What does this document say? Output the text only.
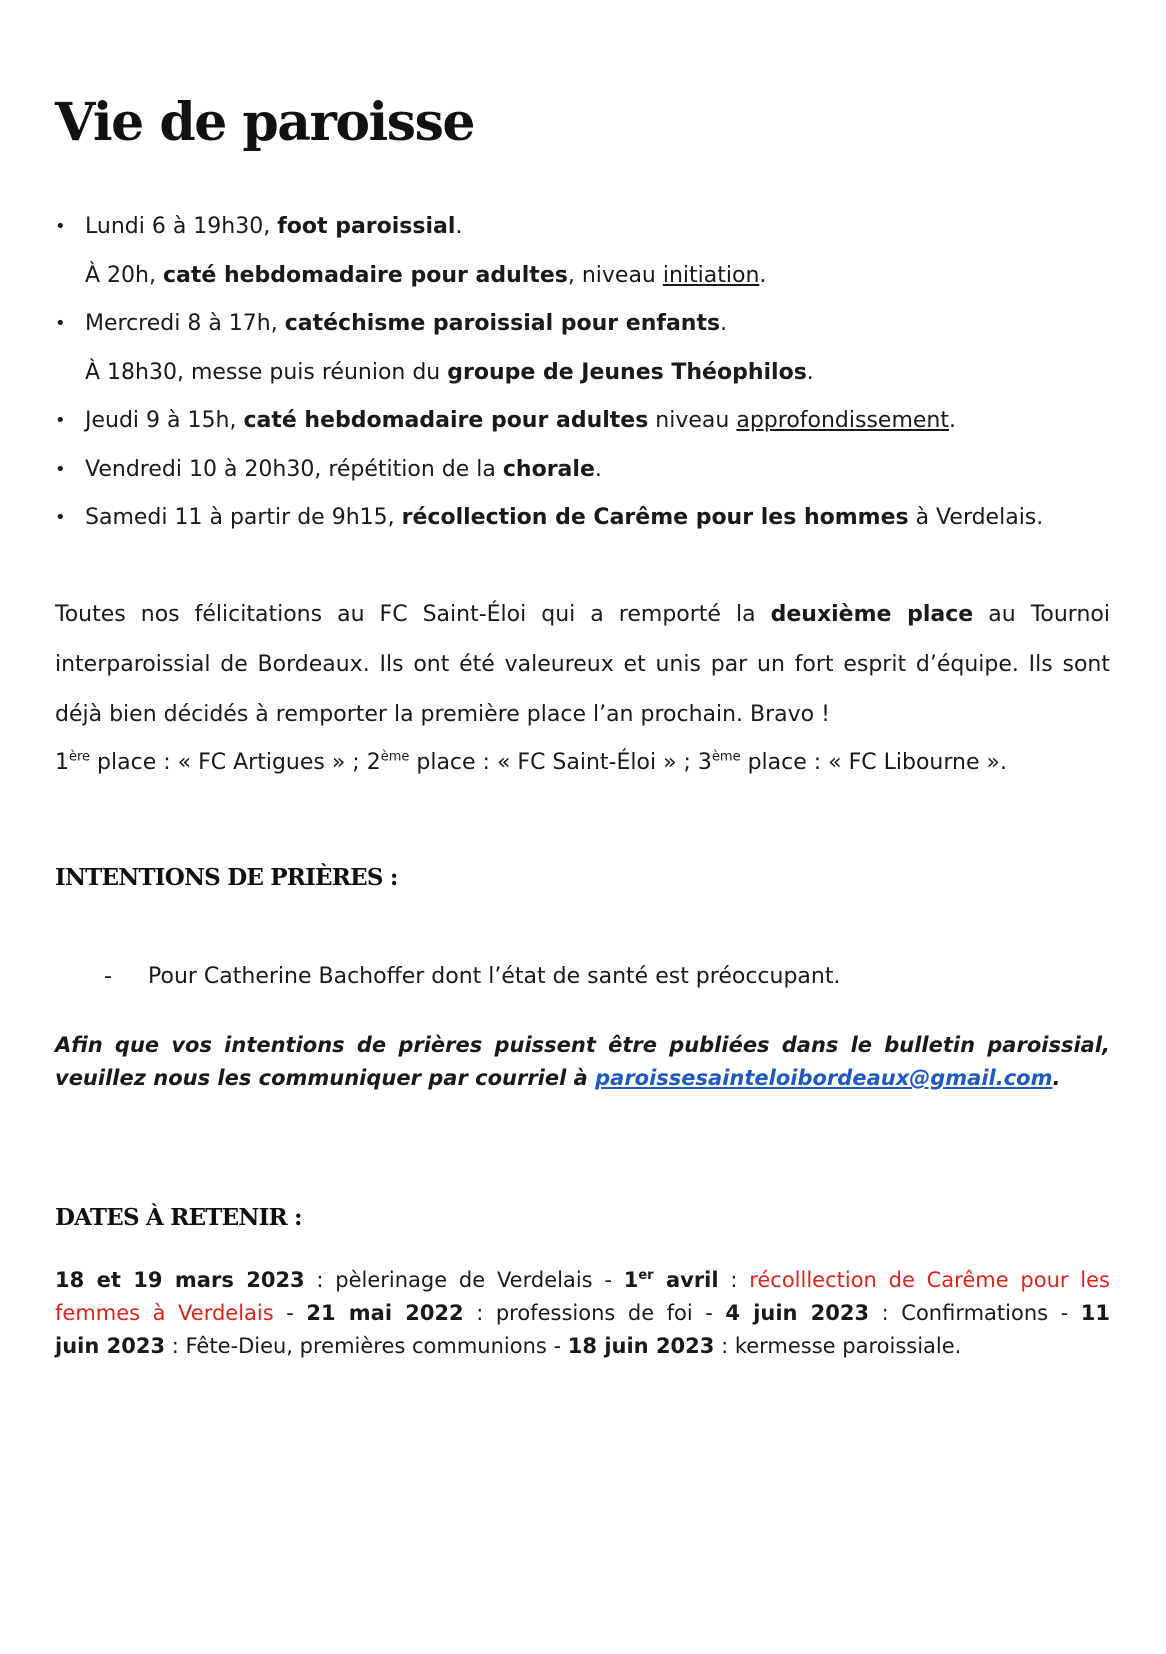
Vie de paroisse
• Lundi 6 à 19h30, foot paroissial.
À 20h, caté hebdomadaire pour adultes, niveau initiation.
• Mercredi 8 à 17h, catéchisme paroissial pour enfants.
À 18h30, messe puis réunion du groupe de Jeunes Théophilos.
• Jeudi 9 à 15h, caté hebdomadaire pour adultes niveau approfondissement.
• Vendredi 10 à 20h30, répétition de la chorale.
• Samedi 11 à partir de 9h15, récollection de Carême pour les hommes à Verdelais.
Toutes nos félicitations au FC Saint-Éloi qui a remporté la deuxième place au Tournoi
interparoissial de Bordeaux. Ils ont été valeureux et unis par un fort esprit d’équipe. Ils sont
déjà bien décidés à remporter la première place l’an prochain. Bravo !
1ère place : « FC Artigues » ; 2ème place : « FC Saint-Éloi » ; 3ème place : « FC Libourne ».
INTENTIONS DE PRIÈRES :
- Pour Catherine Bachoffer dont l’état de santé est préoccupant.
Afin que vos intentions de prières puissent être publiées dans le bulletin paroissial,
veuillez nous les communiquer par courriel à paroissesainteloibordeaux@gmail.com.
DATES À RETENIR :
18 et 19 mars 2023 : pèlerinage de Verdelais - 1er avril : récolllection de Carême pour les
femmes à Verdelais - 21 mai 2022 : professions de foi - 4 juin 2023 : Confirmations - 11
juin 2023 : Fête-Dieu, premières communions - 18 juin 2023 : kermesse paroissiale.
